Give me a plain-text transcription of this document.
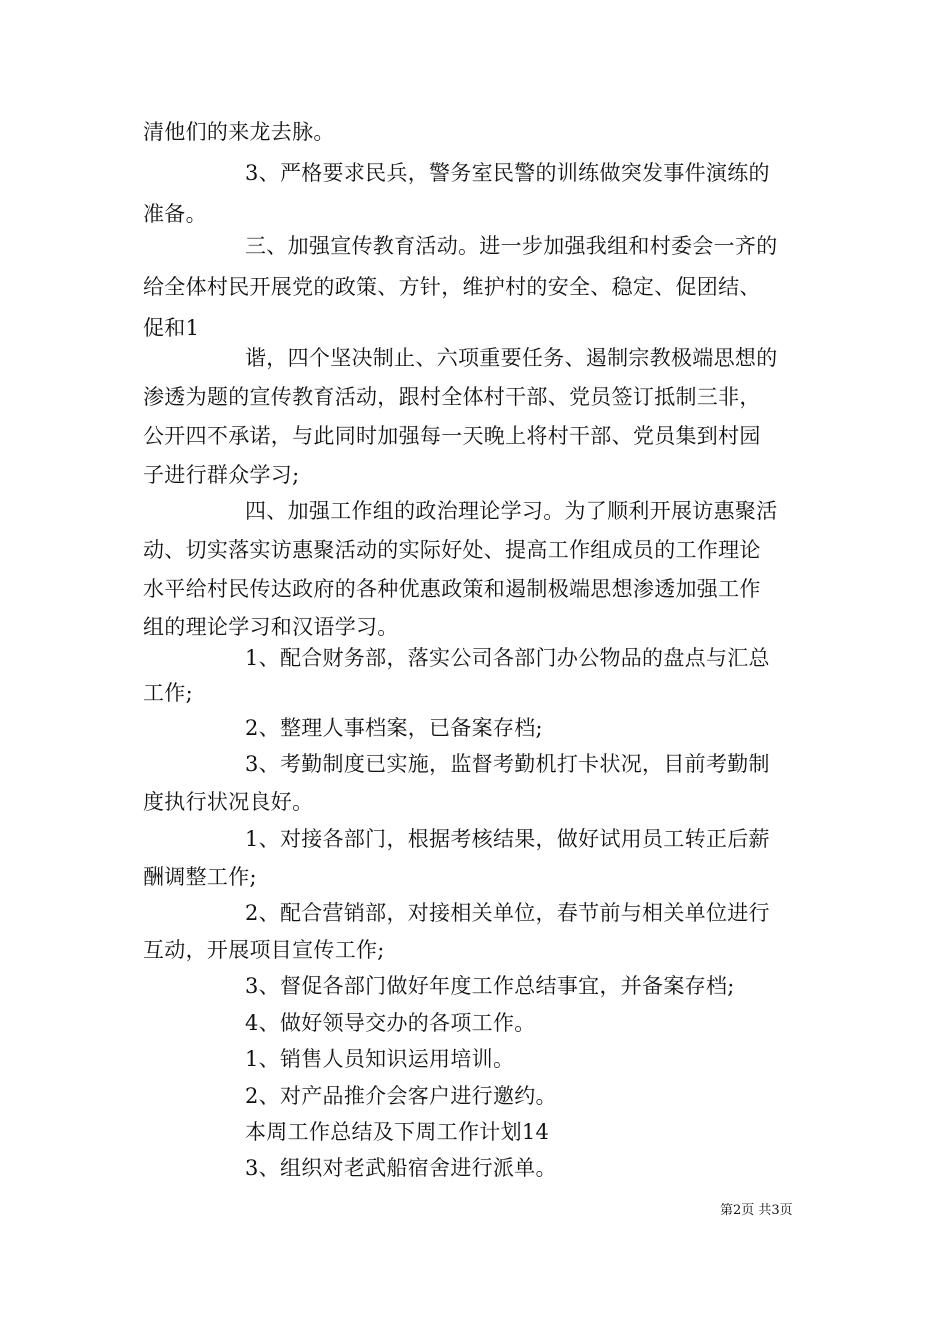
清他们的来龙去脉。
3、严格要求民兵，警务室民警的训练做突发事件演练的
准备。
三、加强宣传教育活动。进一步加强我组和村委会一齐的
给全体村民开展党的政策、方针，维护村的安全、稳定、促团结、
促和1
谐，四个坚决制止、六项重要任务、遏制宗教极端思想的
渗透为题的宣传教育活动，跟村全体村干部、党员签订抵制三非，
公开四不承诺，与此同时加强每一天晚上将村干部、党员集到村园
子进行群众学习;
四、加强工作组的政治理论学习。为了顺利开展访惠聚活
动、切实落实访惠聚活动的实际好处、提高工作组成员的工作理论
水平给村民传达政府的各种优惠政策和遏制极端思想渗透加强工作
组的理论学习和汉语学习。
1、配合财务部，落实公司各部门办公物品的盘点与汇总
工作;
2、整理人事档案，已备案存档;
3、考勤制度已实施，监督考勤机打卡状况，目前考勤制
度执行状况良好。
1、对接各部门，根据考核结果，做好试用员工转正后薪
酬调整工作;
2、配合营销部，对接相关单位，春节前与相关单位进行
互动，开展项目宣传工作;
3、督促各部门做好年度工作总结事宜，并备案存档;
4、做好领导交办的各项工作。
1、销售人员知识运用培训。
2、对产品推介会客户进行邀约。
本周工作总结及下周工作计划14
3、组织对老武船宿舍进行派单。
第2页 共3页
